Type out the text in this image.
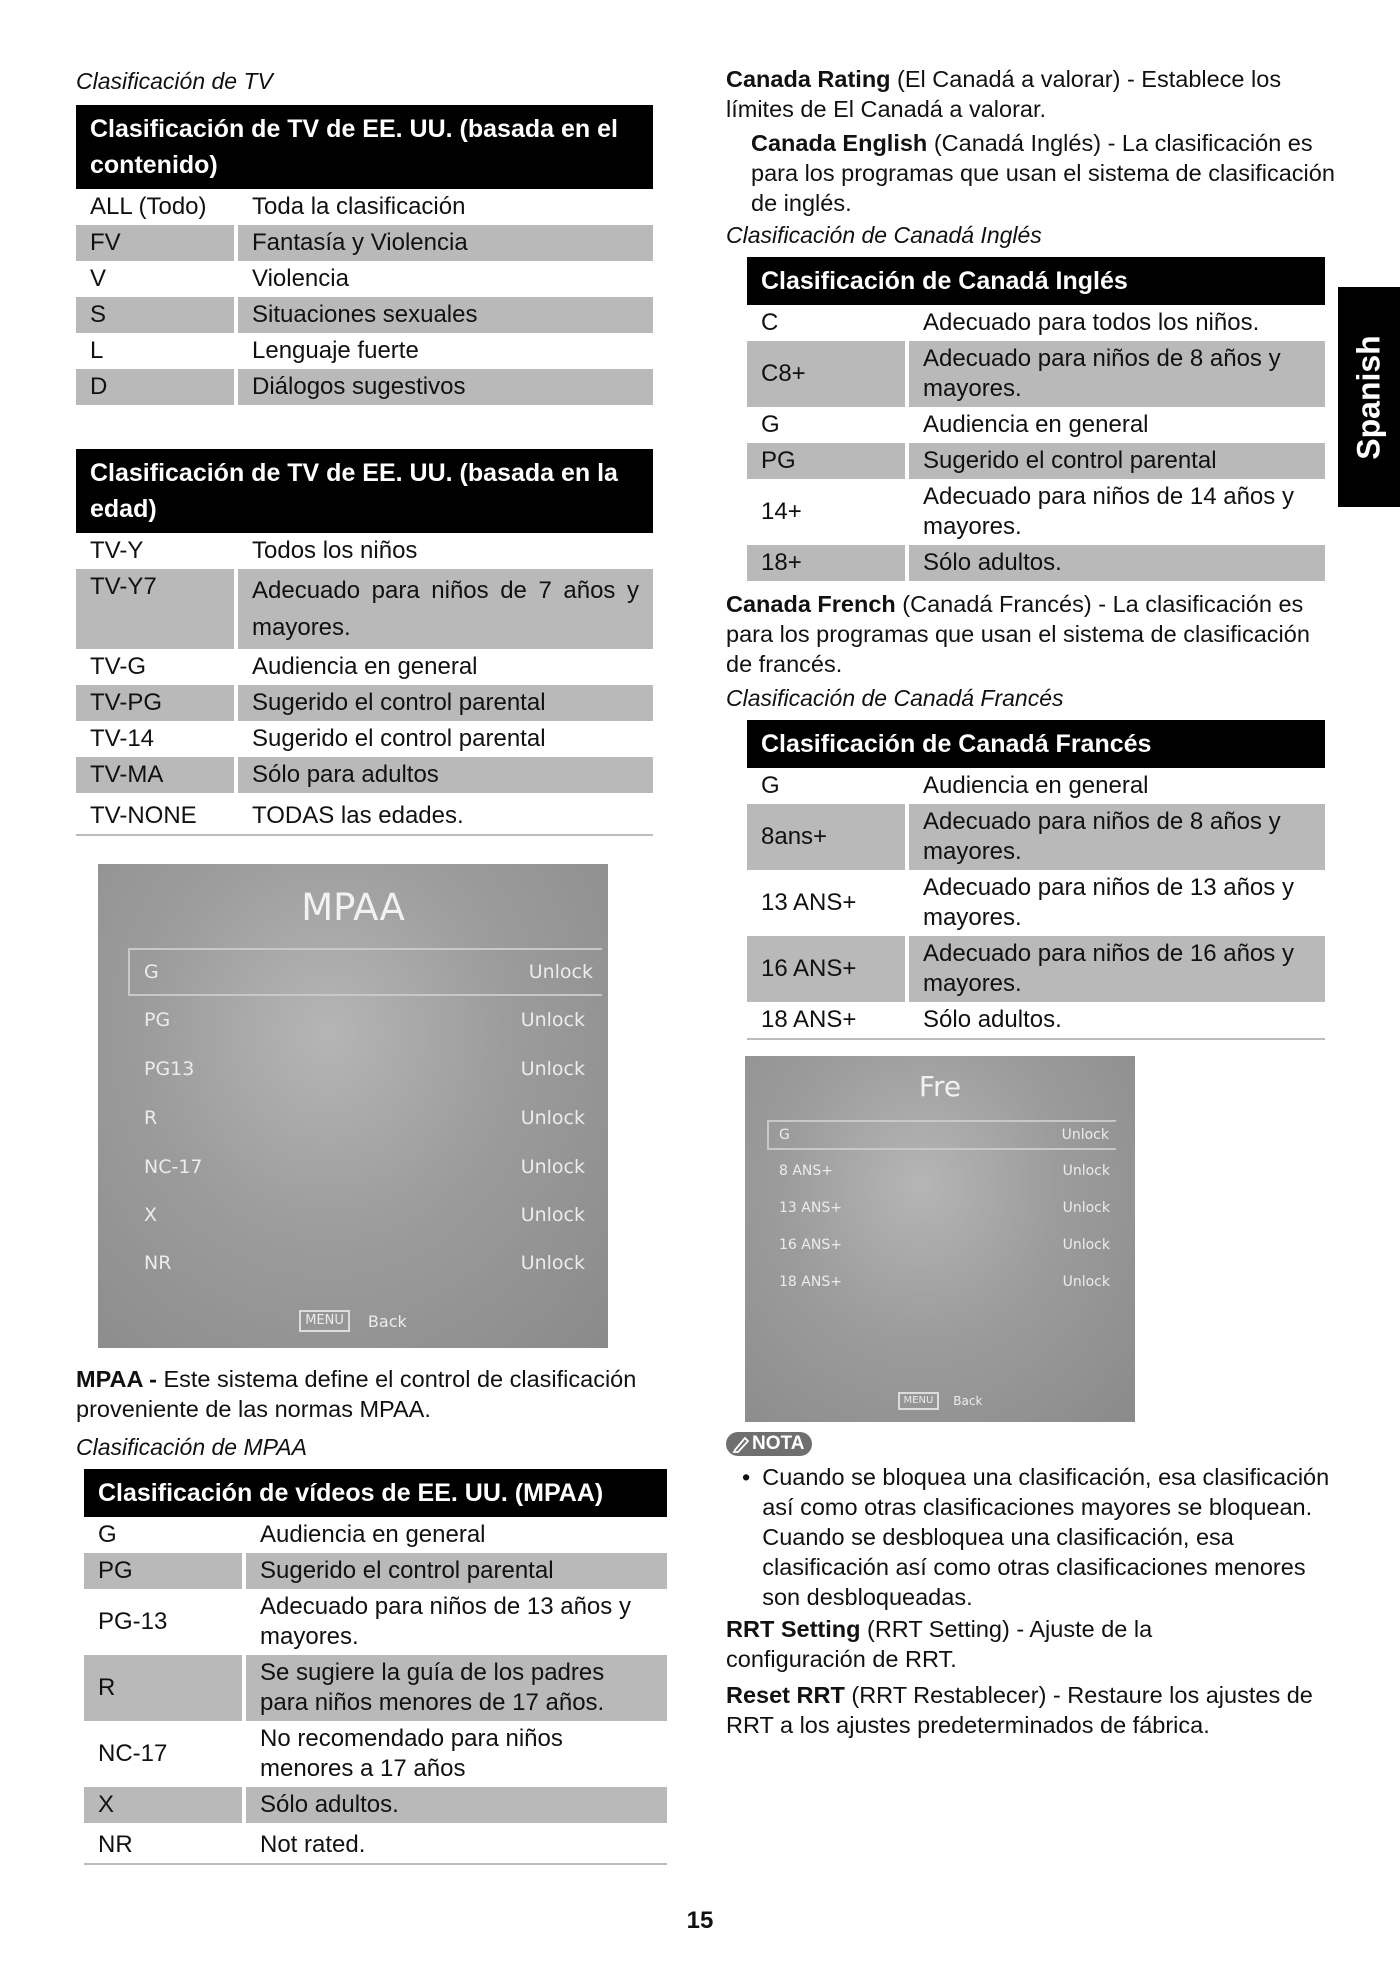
Clasificación de TV

Clasificación de TV de EE. UU. (basada en el contenido)	
ALL (Todo)	Toda la clasificación
FV	Fantasía y Violencia
V	Violencia
S	Situaciones sexuales
L	Lenguaje fuerte
D	Diálogos sugestivos
Clasificación de TV de EE. UU. (basada en la edad)	
TV-Y	Todos los niños
TV-Y7	Adecuado para niños de 7 años y mayores.
TV-G	Audiencia en general
TV-PG	Sugerido el control parental
TV-14	Sugerido el control parental
TV-MA	Sólo para adultos
TV-NONE	TODAS las edades.
MPAA
G	Unlock
PG	Unlock
PG13	Unlock
R	Unlock
NC-17	Unlock
X	Unlock
NR	Unlock
MENU	Back

MPAA - Este sistema define el control de clasificación proveniente de las normas MPAA.

Clasificación de MPAA

Clasificación de vídeos de EE. UU. (MPAA)	
G	Audiencia en general
PG	Sugerido el control parental
PG-13	Adecuado para niños de 13 años y mayores.
R	Se sugiere la guía de los padres para niños menores de 17 años.
NC-17	No recomendado para niños menores a 17 años
X	Sólo adultos.
NR	Not rated.

Canada Rating (El Canadá a valorar) - Establece los límites de El Canadá a valorar.

Canada English (Canadá Inglés) - La clasificación es para los programas que usan el sistema de clasificación de inglés.

Clasificación de Canadá Inglés

Clasificación de Canadá Inglés	
C	Adecuado para todos los niños.
C8+	Adecuado para niños de 8 años y mayores.
G	Audiencia en general
PG	Sugerido el control parental
14+	Adecuado para niños de 14 años y mayores.
18+	Sólo adultos.

Canada French (Canadá Francés) - La clasificación es para los programas que usan el sistema de clasificación de francés.

Clasificación de Canadá Francés

Clasificación de Canadá Francés	
G	Audiencia en general
8ans+	Adecuado para niños de 8 años y mayores.
13 ANS+	Adecuado para niños de 13 años y mayores.
16 ANS+	Adecuado para niños de 16 años y mayores.
18 ANS+	Sólo adultos.
Fre
G	Unlock
8 ANS+	Unlock
13 ANS+	Unlock
16 ANS+	Unlock
18 ANS+	Unlock
MENU	Back
NOTA
• Cuando se bloquea una clasificación, esa clasificación así como otras clasificaciones mayores se bloquean. Cuando se desbloquea una clasificación, esa clasificación así como otras clasificaciones menores son desbloqueadas.

RRT Setting (RRT Setting) - Ajuste de la configuración de RRT.

Reset RRT (RRT Restablecer) - Restaure los ajustes de RRT a los ajustes predeterminados de fábrica.

Spanish
15
